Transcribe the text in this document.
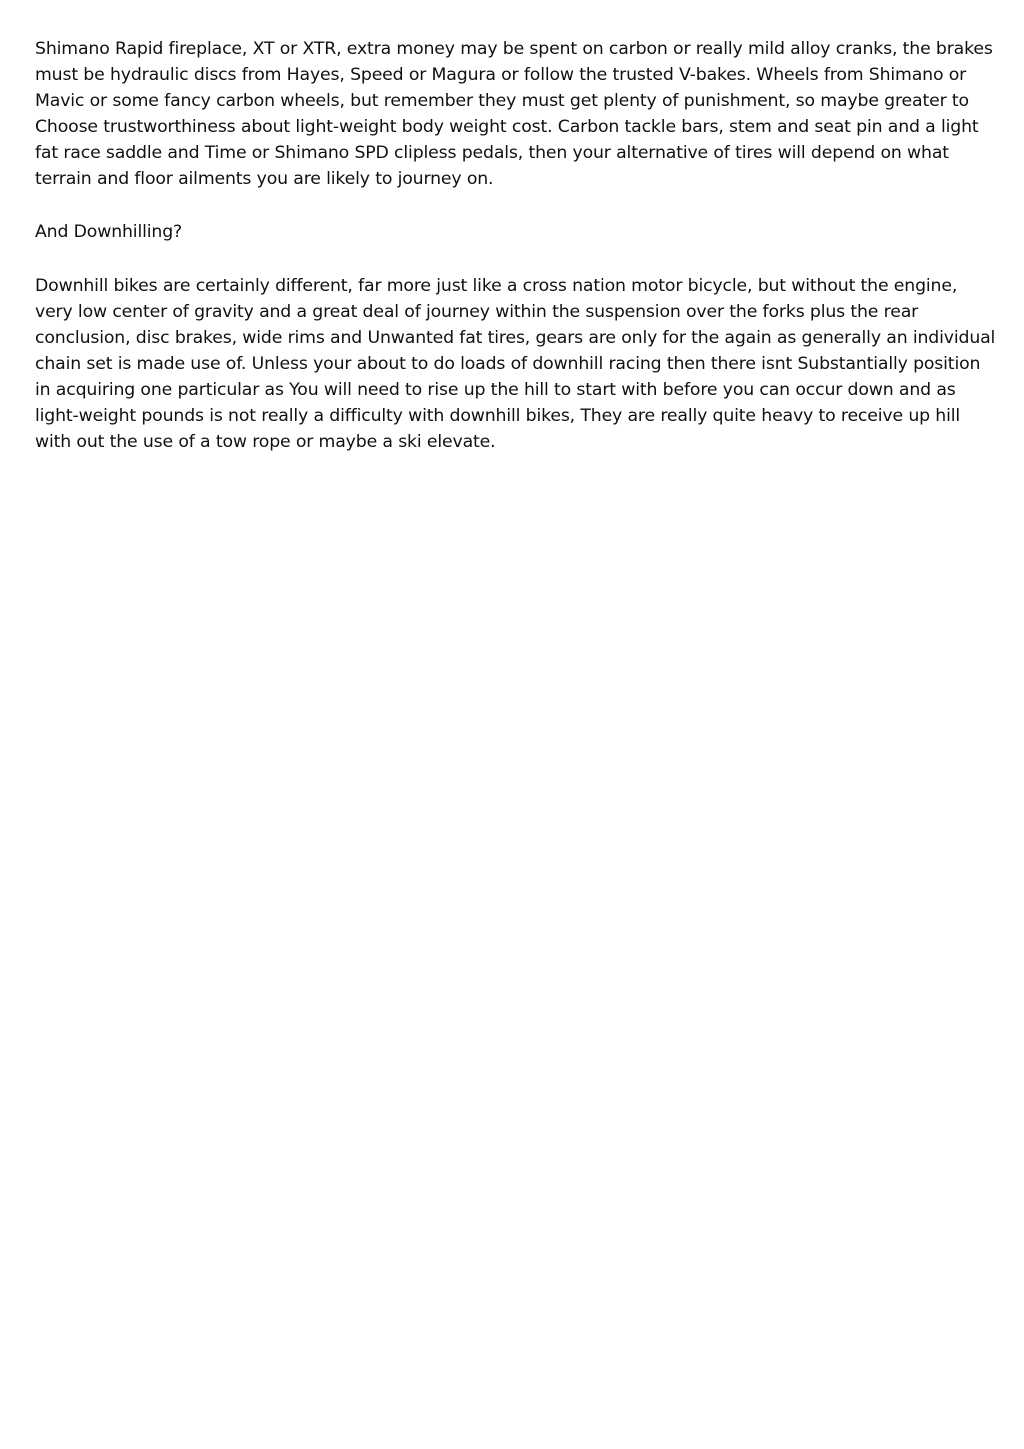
Shimano Rapid fireplace, XT or XTR, extra money may be spent on carbon or really mild alloy cranks, the brakes must be hydraulic discs from Hayes, Speed or Magura or follow the trusted V-bakes. Wheels from Shimano or Mavic or some fancy carbon wheels, but remember they must get plenty of punishment, so maybe greater to Choose trustworthiness about light-weight body weight cost. Carbon tackle bars, stem and seat pin and a light fat race saddle and Time or Shimano SPD clipless pedals, then your alternative of tires will depend on what terrain and floor ailments you are likely to journey on.

And Downhilling?

Downhill bikes are certainly different, far more just like a cross nation motor bicycle, but without the engine, very low center of gravity and a great deal of journey within the suspension over the forks plus the rear conclusion, disc brakes, wide rims and Unwanted fat tires, gears are only for the again as generally an individual chain set is made use of. Unless your about to do loads of downhill racing then there isnt Substantially position in acquiring one particular as You will need to rise up the hill to start with before you can occur down and as light-weight pounds is not really a difficulty with downhill bikes, They are really quite heavy to receive up hill with out the use of a tow rope or maybe a ski elevate.
